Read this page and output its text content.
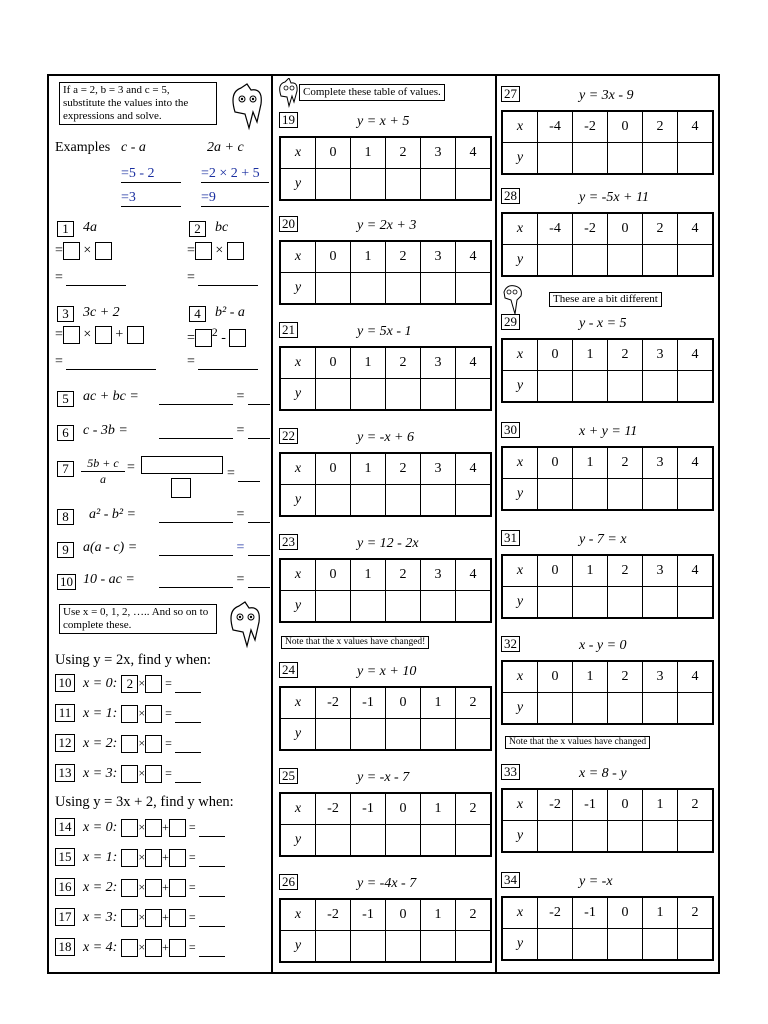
If a = 2, b = 3 and c = 5, substitute the values into the expressions and solve.
Examples c - a	2a + c
=5 - 2	=2 × 2 + 5
=3	=9
1	4a	2	bc
= ×	= ×
=	=
3	3c + 2	4	b² - a
= ×  +	= $^2$ -
=	=
5	ac + bc =	=
6	c - 3b =	=
7	$\frac{5b + c}{a}$ =	=
8	a² - b² =	=
9	a(a - c) =	=
10 10 - ac =	=
Use x = 0, 1, 2, ….. And so on to complete these.
Using y = 2x, find y when:
Using y = 3x + 2, find y when:
10 x = 0: 2 × =
11 x = 1: × =
12 x = 2: × =
13 x = 3: × =
14 x = 0: × + =
15 x = 1: × + =
16 x = 2: × + =
17 x = 3: × + =
18 x = 4: × + =
Complete these table of values.
Note that the x values have changed!
19	y = x + 5
x	0	1	2	3	4
y					
20	y = 2x + 3
x	0	1	2	3	4
y					
21	y = 5x - 1
x	0	1	2	3	4
y					
22	y = -x + 6
x	0	1	2	3	4
y					
23	y = 12 - 2x
x	0	1	2	3	4
y					
24	y = x + 10
x	-2	-1	0	1	2
y					
25	y = -x - 7
x	-2	-1	0	1	2
y					
26	y = -4x - 7
x	-2	-1	0	1	2
y					
These are a bit different
Note that the x values have changed
27	y = 3x - 9
x	-4	-2	0	2	4
y					
28	y = -5x + 11
x	-4	-2	0	2	4
y					
29	y - x = 5
x	0	1	2	3	4
y					
30	x + y = 11
x	0	1	2	3	4
y					
31	y - 7 = x
x	0	1	2	3	4
y					
32	x - y = 0
x	0	1	2	3	4
y					
33	x = 8 - y
x	-2	-1	0	1	2
y					
34	y = -x
x	-2	-1	0	1	2
y					
